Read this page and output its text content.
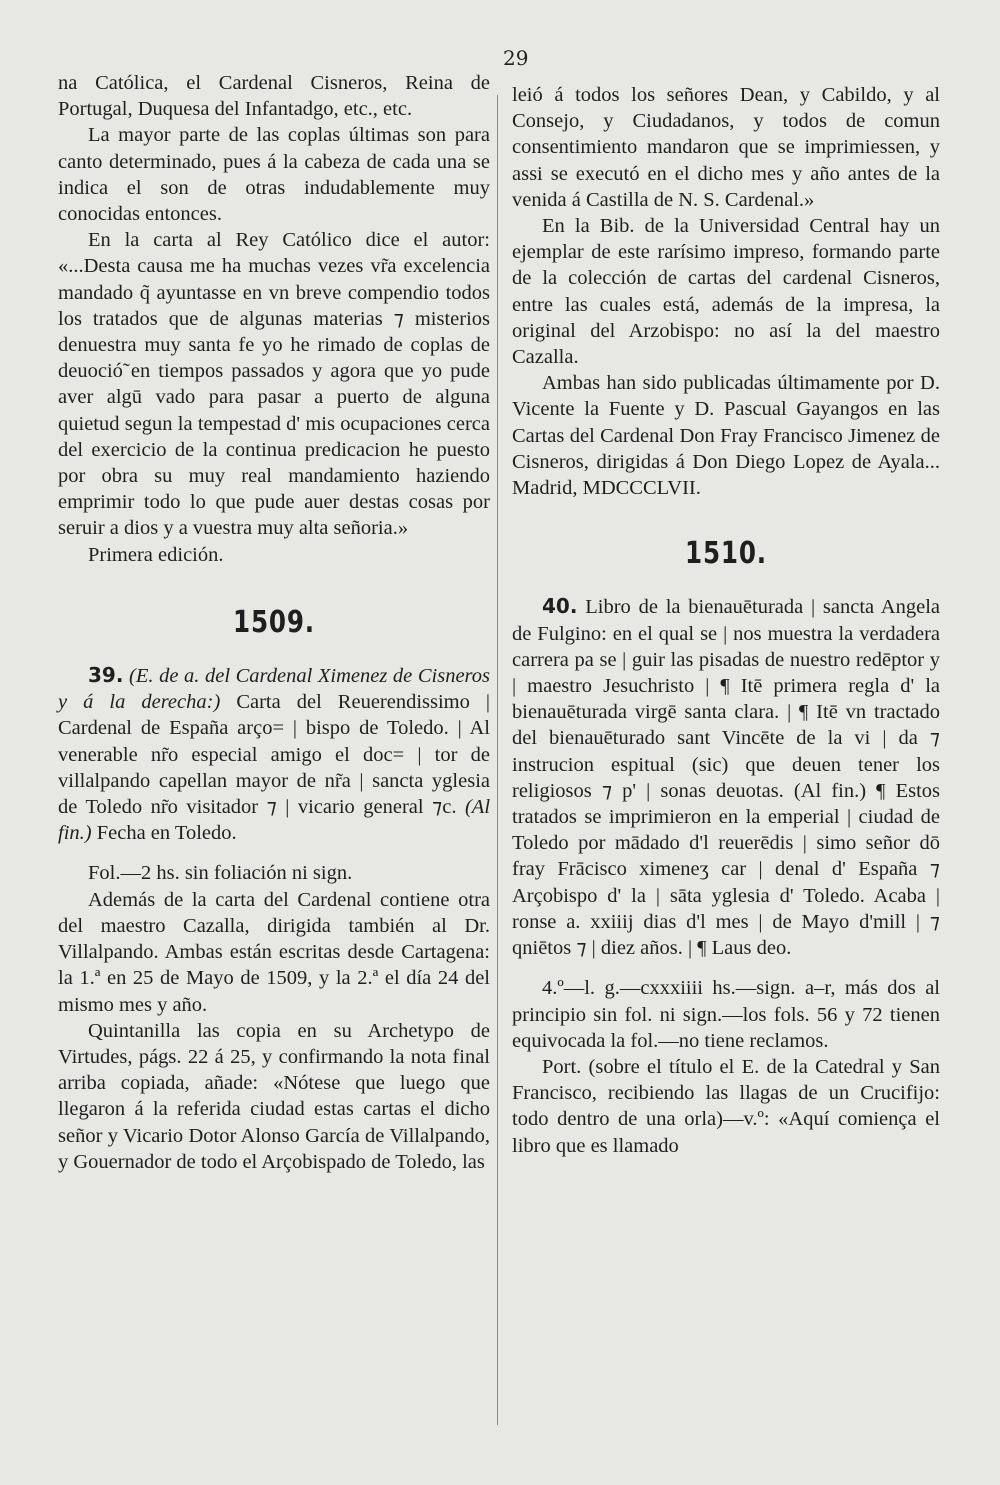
29

na Católica, el Cardenal Cisneros, Reina de Portugal, Duquesa del Infantadgo, etc., etc.

La mayor parte de las coplas últimas son para canto determinado, pues á la cabeza de cada una se indica el son de otras indudablemente muy conocidas entonces.

En la carta al Rey Católico dice el autor: «...Desta causa me ha muchas vezes vr̃a excelencia mandado q̃ ayuntasse en vn breve compendio todos los tratados que de algunas materias ⁊ misterios denuestra muy santa fe yo he rimado de coplas de deuoció̃ en tiempos passados y agora que yo pude aver algū vado para pasar a puerto de alguna quietud segun la tempestad d' mis ocupaciones cerca del exercicio de la continua predicacion he puesto por obra su muy real mandamiento haziendo emprimir todo lo que pude auer destas cosas por seruir a dios y a vuestra muy alta señoria.»

Primera edición.

1509.

39. (E. de a. del Cardenal Ximenez de Cisneros y á la derecha:) Carta del Reuerendissimo | Cardenal de España arço= | bispo de Toledo. | Al venerable nr̃o especial amigo el doc= | tor de villalpando capellan mayor de nr̃a | sancta yglesia de Toledo nr̃o visitador ⁊ | vicario general ⁊c. (Al fin.) Fecha en Toledo.

Fol.—2 hs. sin foliación ni sign.

Además de la carta del Cardenal contiene otra del maestro Cazalla, dirigida también al Dr. Villalpando. Ambas están escritas desde Cartagena: la 1.ª en 25 de Mayo de 1509, y la 2.ª el día 24 del mismo mes y año.

Quintanilla las copia en su Archetypo de Virtudes, págs. 22 á 25, y confirmando la nota final arriba copiada, añade: «Nótese que luego que llegaron á la referida ciudad estas cartas el dicho señor y Vicario Dotor Alonso García de Villalpando, y Gouernador de todo el Arçobispado de Toledo, las

leió á todos los señores Dean, y Cabildo, y al Consejo, y Ciudadanos, y todos de comun consentimiento mandaron que se imprimiessen, y assi se executó en el dicho mes y año antes de la venida á Castilla de N. S. Cardenal.»

En la Bib. de la Universidad Central hay un ejemplar de este rarísimo impreso, formando parte de la colección de cartas del cardenal Cisneros, entre las cuales está, además de la impresa, la original del Arzobispo: no así la del maestro Cazalla.

Ambas han sido publicadas últimamente por D. Vicente la Fuente y D. Pascual Gayangos en las Cartas del Cardenal Don Fray Francisco Jimenez de Cisneros, dirigidas á Don Diego Lopez de Ayala... Madrid, MDCCCLVII.

1510.

40. Libro de la bienauēturada | sancta Angela de Fulgino: en el qual se | nos muestra la verdadera carrera pa se | guir las pisadas de nuestro redēptor y | maestro Jesuchristo | ¶ Itē primera regla d' la bienauēturada virgē santa clara. | ¶ Itē vn tractado del bienauēturado sant Vincēte de la vi | da ⁊ instrucion espitual (sic) que deuen tener los religiosos ⁊ p' | sonas deuotas. (Al fin.) ¶ Estos tratados se imprimieron en la emperial | ciudad de Toledo por mādado d'l reuerēdis | simo señor dō fray Frācisco ximeneʒ car | denal d' España ⁊ Arçobispo d' la | sāta yglesia d' Toledo. Acaba | ronse a. xxiiij dias d'l mes | de Mayo d'mill | ⁊ qniētos ⁊ | diez años. | ¶ Laus deo.

4.º—l. g.—cxxxiiii hs.—sign. a–r, más dos al principio sin fol. ni sign.—los fols. 56 y 72 tienen equivocada la fol.—no tiene reclamos.

Port. (sobre el título el E. de la Catedral y San Francisco, recibiendo las llagas de un Crucifijo: todo dentro de una orla)—v.º: «Aquí comiença el libro que es llamado
